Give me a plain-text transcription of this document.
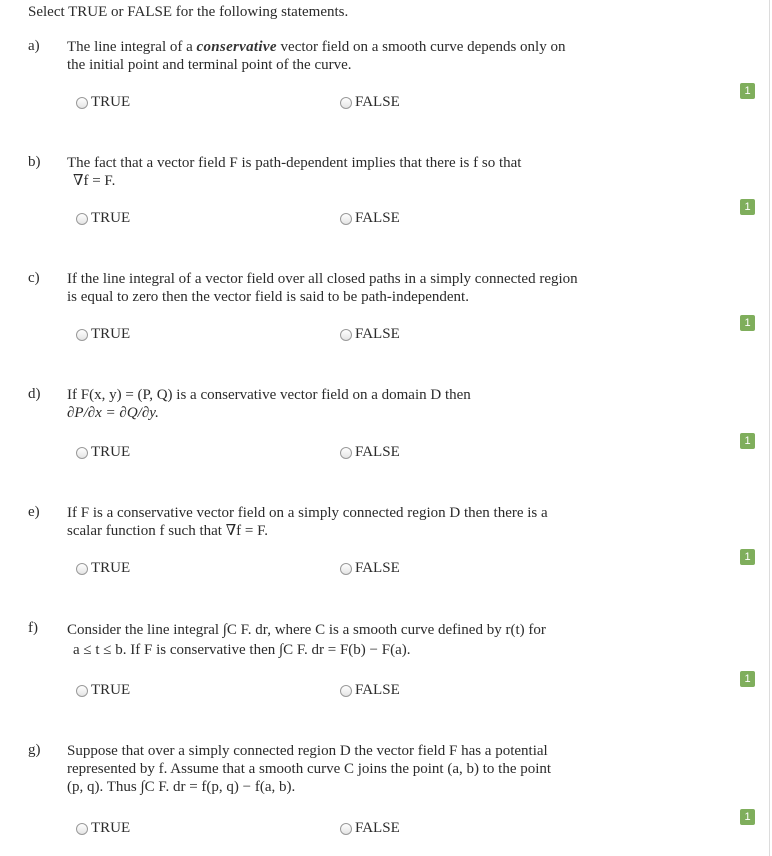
Select TRUE or FALSE for the following statements.
a) The line integral of a conservative vector field on a smooth curve depends only on
the initial point and terminal point of the curve.
TRUE	FALSE
1
b) The fact that a vector field F is path-dependent implies that there is f so that
∇f = F.
TRUE	FALSE
1
c) If the line integral of a vector field over all closed paths in a simply connected region
is equal to zero then the vector field is said to be path-independent.
TRUE	FALSE
1
d) If F(x, y) = (P, Q) is a conservative vector field on a domain D then
∂P/∂x = ∂Q/∂y.
TRUE	FALSE
1
e) If F is a conservative vector field on a simply connected region D then there is a
scalar function f such that ∇f = F.
TRUE	FALSE
1
f) Consider the line integral ∫C F. dr, where C is a smooth curve defined by r(t) for
a ≤ t ≤ b. If F is conservative then ∫C F. dr = F(b) − F(a).
TRUE	FALSE
1
g) Suppose that over a simply connected region D the vector field F has a potential
represented by f. Assume that a smooth curve C joins the point (a, b) to the point
(p, q). Thus ∫C F. dr = f(p, q) − f(a, b).
TRUE	FALSE
1
